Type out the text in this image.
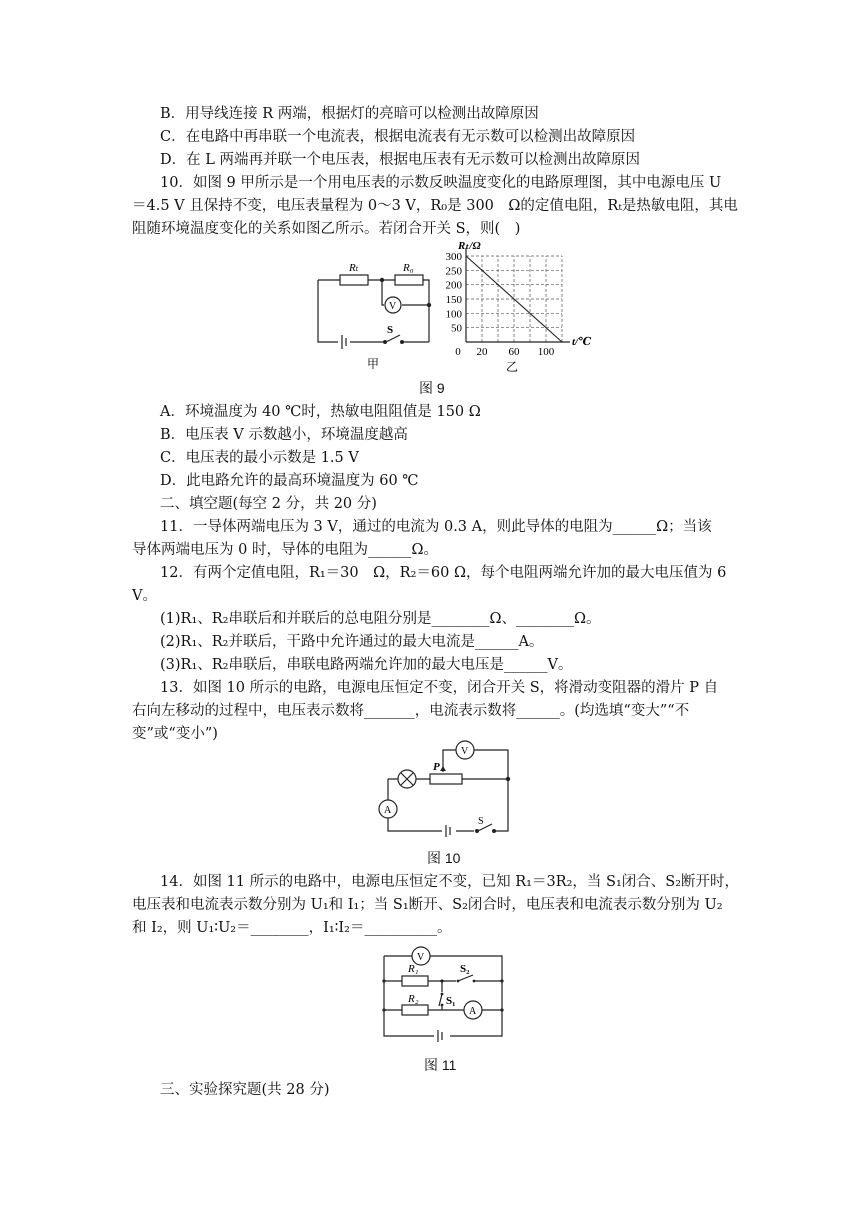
B．用导线连接 R 两端，根据灯的亮暗可以检测出故障原因
C．在电路中再串联一个电流表，根据电流表有无示数可以检测出故障原因
D．在 L 两端再并联一个电压表，根据电压表有无示数可以检测出故障原因
10．如图 9 甲所示是一个用电压表的示数反映温度变化的电路原理图，其中电源电压 U
＝4.5 V 且保持不变，电压表量程为 0～3 V，R₀是 300　Ω的定值电阻，Rₜ是热敏电阻，其电
阻随环境温度变化的关系如图乙所示。若闭合开关 S，则(　)
Rₜ	R₀
V
S
甲
300
250
200
150
100
50
0 20 60 100
Rₜ/Ω
t/℃
乙
图 9
A．环境温度为 40 ℃时，热敏电阻阻值是 150 Ω
B．电压表 V 示数越小，环境温度越高
C．电压表的最小示数是 1.5 V
D．此电路允许的最高环境温度为 60 ℃
二、填空题(每空 2 分，共 20 分)
11．一导体两端电压为 3 V，通过的电流为 0.3 A，则此导体的电阻为______Ω；当该
导体两端电压为 0 时，导体的电阻为______Ω。
12．有两个定值电阻，R₁＝30　Ω，R₂＝60 Ω，每个电阻两端允许加的最大电压值为 6
V。
(1)R₁、R₂串联后和并联后的总电阻分别是________Ω、________Ω。
(2)R₁、R₂并联后，干路中允许通过的最大电流是______A。
(3)R₁、R₂串联后，串联电路两端允许加的最大电压是______V。
13．如图 10 所示的电路，电源电压恒定不变，闭合开关 S，将滑动变阻器的滑片 P 自
右向左移动的过程中，电压表示数将_______，电流表示数将______。(均选填“变大”“不
变”或“变小”)
V
A
P
S
图 10
14．如图 11 所示的电路中，电源电压恒定不变，已知 R₁＝3R₂，当 S₁闭合、S₂断开时，
电压表和电流表示数分别为 U₁和 I₁；当 S₁断开、S₂闭合时，电压表和电流表示数分别为 U₂
和 I₂，则 U₁∶U₂＝________，I₁∶I₂＝__________。
V
A
R₁
R₂
S₂
S₁
图 11
三、实验探究题(共 28 分)
